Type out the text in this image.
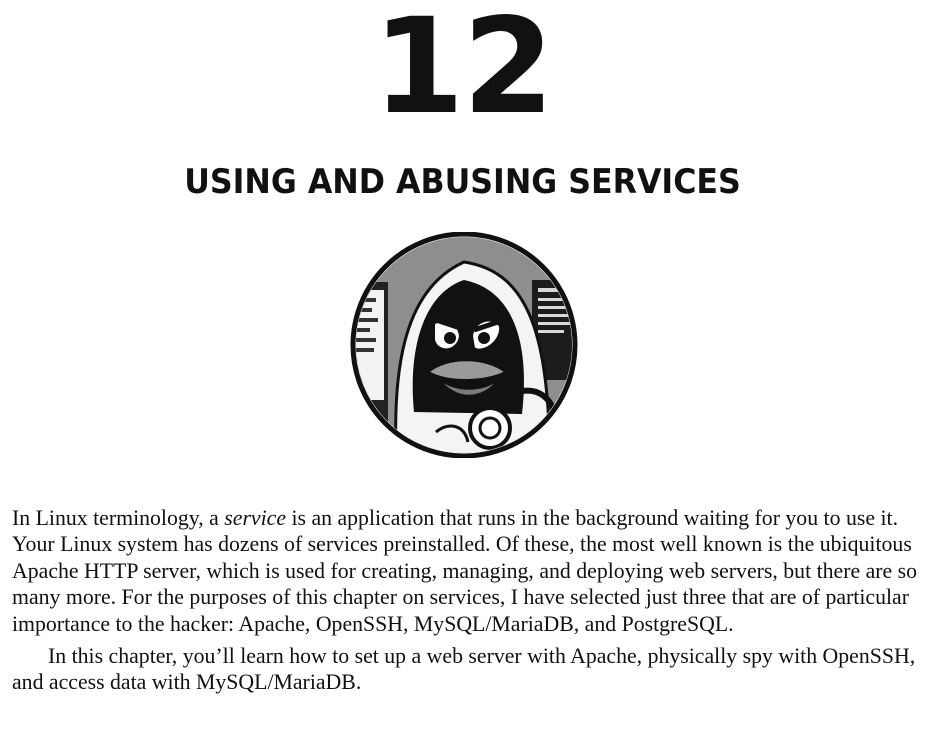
12
USING AND ABUSING SERVICES

In Linux terminology, a service is an application that runs in the background waiting for you to use it. Your Linux system has dozens of services preinstalled. Of these, the most well known is the ubiquitous Apache HTTP server, which is used for creating, managing, and deploying web servers, but there are so many more. For the purposes of this chapter on services, I have selected just three that are of particular importance to the hacker: Apache, OpenSSH, MySQL/MariaDB, and PostgreSQL.

In this chapter, you’ll learn how to set up a web server with Apache, physically spy with OpenSSH, and access data with MySQL/MariaDB.
